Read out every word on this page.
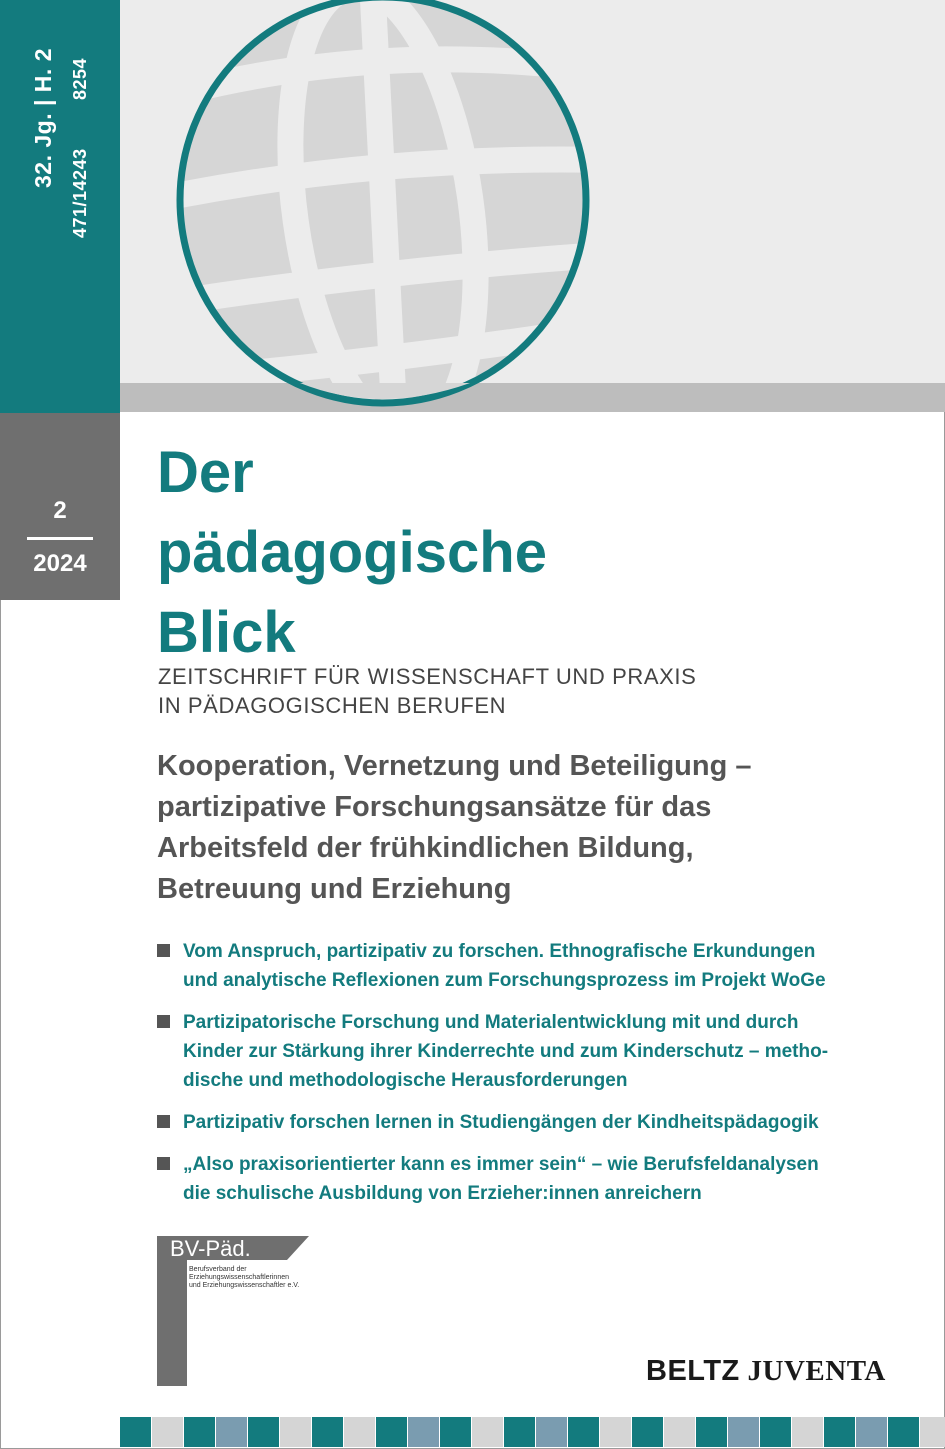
32. Jg. | H. 2
471/14243
8254
2
2024
Der
pädagogische
Blick
ZEITSCHRIFT FÜR WISSENSCHAFT UND PRAXIS
IN PÄDAGOGISCHEN BERUFEN
Kooperation, Vernetzung und Beteiligung –
partizipative Forschungsansätze für das
Arbeitsfeld der frühkindlichen Bildung,
Betreuung und Erziehung
Vom Anspruch, partizipativ zu forschen. Ethnografische Erkundungen
und analytische Reflexionen zum Forschungsprozess im Projekt WoGe
Partizipatorische Forschung und Materialentwicklung mit und durch
Kinder zur Stärkung ihrer Kinderrechte und zum Kinderschutz – metho-
dische und methodologische Herausforderungen
Partizipativ forschen lernen in Studiengängen der Kindheitspädagogik
„Also praxisorientierter kann es immer sein“ – wie Berufsfeldanalysen
die schulische Ausbildung von Erzieher:innen anreichern
BV-Päd.
Berufsverband der
Erziehungswissenschaftlerinnen
und Erziehungswissenschaftler e.V.
BELTZ JUVENTA
